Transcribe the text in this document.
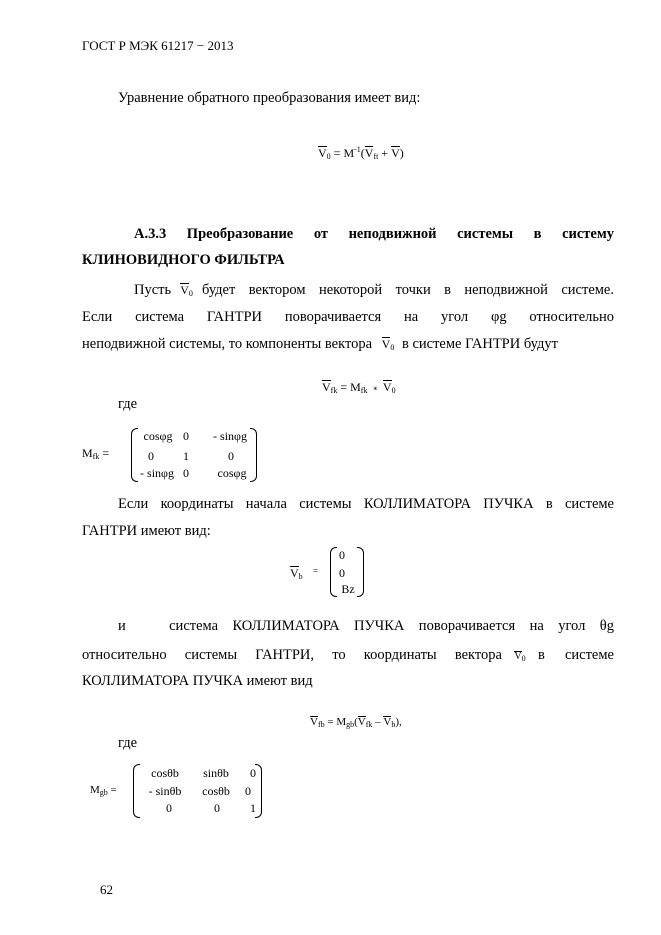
ГОСТ Р МЭК 61217 − 2013
Уравнение обратного преобразования имеет вид:
$V_0 = M^{-1}(V_{ft} + V)$
А.3.3 Преобразование от неподвижной системы в систему
КЛИНОВИДНОГО ФИЛЬТРА
Пусть $V_0$ будет вектором некоторой точки в неподвижной системе.
Если система ГАНТРИ поворачивается на угол φg относительно
неподвижной системы, то компоненты вектора $V_0$ в системе ГАНТРИ будут
$V_{fk} = M_{fk}$ ∗ $V_0$
где
$M_{fk}$ =
cosφg 0	- sinφg
0	1	0
- sinφg 0	cosφg
Если координаты начала системы КОЛЛИМАТОРА ПУЧКА в системе
ГАНТРИ имеют вид:
$V_b$
=
0
0
Bz
и   система КОЛЛИМАТОРА ПУЧКА поворачивается на угол θg
относительно системы ГАНТРИ, то координаты вектора $V_0$ в системе
КОЛЛИМАТОРА ПУЧКА имеют вид
$V_{fb} = M_{gb}(V_{fk} - V_b)$,
где
$M_{gb}$ =
cosθb	sinθb	0
- sinθb	cosθb	0
0	0	1
62
